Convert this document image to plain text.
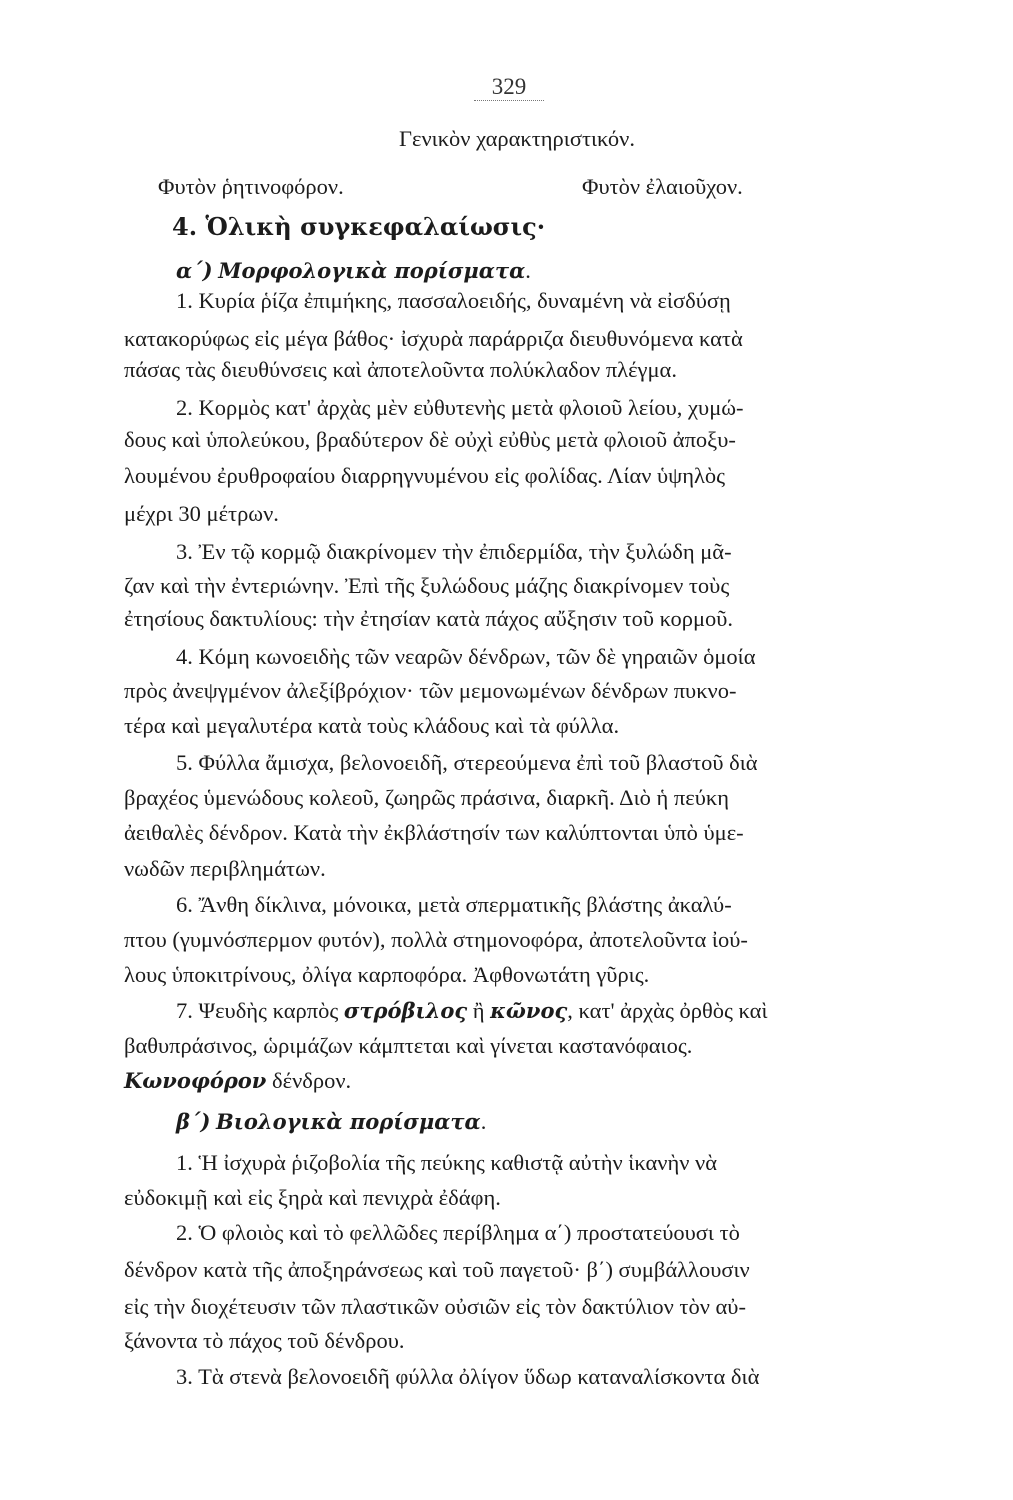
329
Γενικὸν χαρακτηριστικόν.
Φυτὸν ῥητινοφόρον.	Φυτὸν ἐλαιοῦχον.
4. Ὁλικὴ συγκεφαλαίωσις·
α΄) Μορφολογικὰ πορίσματα.
1. Κυρία ῥίζα ἐπιμήκης, πασσαλοειδής, δυναμένη νὰ εἰσδύσῃ
κατακορύφως εἰς μέγα βάθος· ἰσχυρὰ παράρριζα διευθυνόμενα κατὰ
πάσας τὰς διευθύνσεις καὶ ἀποτελοῦντα πολύκλαδον πλέγμα.
2. Κορμὸς κατ' ἀρχὰς μὲν εὐθυτενὴς μετὰ φλοιοῦ λείου, χυμώ-
δους καὶ ὑπολεύκου, βραδύτερον δὲ οὐχὶ εὐθὺς μετὰ φλοιοῦ ἀποξυ-
λουμένου ἐρυθροφαίου διαρρηγνυμένου εἰς φολίδας. Λίαν ὑψηλὸς
μέχρι 30 μέτρων.
3. Ἐν τῷ κορμῷ διακρίνομεν τὴν ἐπιδερμίδα, τὴν ξυλώδη μᾶ-
ζαν καὶ τὴν ἐντεριώνην. Ἐπὶ τῆς ξυλώδους μάζης διακρίνομεν τοὺς
ἐτησίους δακτυλίους: τὴν ἐτησίαν κατὰ πάχος αὔξησιν τοῦ κορμοῦ.
4. Κόμη κωνοειδὴς τῶν νεαρῶν δένδρων, τῶν δὲ γηραιῶν ὁμοία
πρὸς ἀνεψγμένον ἀλεξίβρόχιον· τῶν μεμονωμένων δένδρων πυκνο-
τέρα καὶ μεγαλυτέρα κατὰ τοὺς κλάδους καὶ τὰ φύλλα.
5. Φύλλα ἄμισχα, βελονοειδῆ, στερεούμενα ἐπὶ τοῦ βλαστοῦ διὰ
βραχέος ὑμενώδους κολεοῦ, ζωηρῶς πράσινα, διαρκῆ. Διὸ ἡ πεύκη
ἀειθαλὲς δένδρον. Κατὰ τὴν ἐκβλάστησίν των καλύπτονται ὑπὸ ὑμε-
νωδῶν περιβλημάτων.
6. Ἄνθη δίκλινα, μόνοικα, μετὰ σπερματικῆς βλάστης ἀκαλύ-
πτου (γυμνόσπερμον φυτόν), πολλὰ στημονοφόρα, ἀποτελοῦντα ἰού-
λους ὑποκιτρίνους, ὀλίγα καρποφόρα. Ἀφθονωτάτη γῦρις.
7. Ψευδὴς καρπὸς στρόβιλος ἢ κῶνος, κατ' ἀρχὰς ὀρθὸς καὶ
βαθυπράσινος, ὡριμάζων κάμπτεται καὶ γίνεται καστανόφαιος.
Κωνοφόρον δένδρον.
β΄) Βιολογικὰ πορίσματα.
1. Ἡ ἰσχυρὰ ῥιζοβολία τῆς πεύκης καθιστᾷ αὐτὴν ἱκανὴν νὰ
εὐδοκιμῇ καὶ εἰς ξηρὰ καὶ πενιχρὰ ἐδάφη.
2. Ὁ φλοιὸς καὶ τὸ φελλῶδες περίβλημα α΄) προστατεύουσι τὸ
δένδρον κατὰ τῆς ἀποξηράνσεως καὶ τοῦ παγετοῦ· β΄) συμβάλλουσιν
εἰς τὴν διοχέτευσιν τῶν πλαστικῶν οὐσιῶν εἰς τὸν δακτύλιον τὸν αὐ-
ξάνοντα τὸ πάχος τοῦ δένδρου.
3. Τὰ στενὰ βελονοειδῆ φύλλα ὀλίγον ὕδωρ καταναλίσκοντα διὰ
